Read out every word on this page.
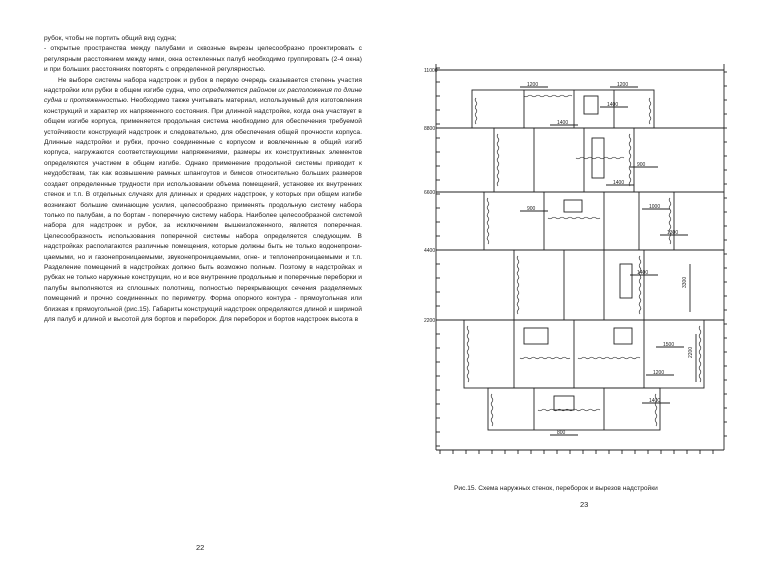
рубок, чтобы не портить общий вид судна;

- открытые пространства между палубами и сквозные вырезы целесообразно проектировать с регулярным расстоянием между ними, окна остекленных палуб необходимо группировать (2-4 окна) и при больших расстояниях повторять с определенной регулярностью.

Не выборе системы набора надстроек и рубок в первую очередь сказывается степень участия надстройки или рубки в общем изгибе судна, что определяется районом их расположения по длине судна и протяженностью. Необходимо также учитывать материал, используемый для изготовления конструкций и характер их напряженного состояния. При длинной надстройке, когда она участвует в общем изгибе корпуса, применяется продольная система необходимо для обеспечения требуемой устойчивости конструкций надстроек и следовательно, для обеспечения общей прочности корпуса. Длинные надстройки и рубки, прочно соединенные с корпусом и вовлеченные в общий изгиб корпуса, нагружаются соответствующими напряжениями, размеры их конструктивных элементов определяются участием в общем изгибе. Однако применение продольной системы приводит к неудобствам, так как возвышение рамных шпангоутов и бимсов относительно больших размеров создает определенные трудности при использовании объема помещений, установке их внутренних стенок и т.п. В отдельных случаях для длинных и средних надстроек, у которых при общем изгибе возникают большие сминающие усилия, целесообразно применять продольную систему набора только по палубам, а по бортам - поперечную систему набора. Наиболее целесообразной системой набора для надстроек и рубок, за исключением вышеизложенного, является поперечная. Целесообразность использования поперечной системы набора определяется следующим. В надстройках располагаются различные помещения, которые должны быть не только водонепроницаемыми, но и газонепроницаемыми, звуконепроницаемыми, огне- и теплонепроницаемыми и т.п. Разделение помещений в надстройках должно быть возможно полным. Поэтому в надстройках и рубках не только наружные конструкции, но и все внутренние продольные и поперечные переборки и палубы выполняются из сплошных полотнищ, полностью перекрывающих сечения разделяемых помещений и прочно соединенных по периметру. Форма опорного контура - прямоугольная или близкая к прямоугольной (рис.15). Габариты конструкций надстроек определяются длиной и шириной для палуб и длиной и высотой для бортов и переборок. Для переборок и бортов надстроек высота в

22
11000
8800
6600
4400
2200
1200	1200
1400
1400
900
1400
1000
900
1300
3300
2200
1400
1500
1200
1400
800
Рис.15. Схема наружных стенок, переборок и вырезов надстройки
23
